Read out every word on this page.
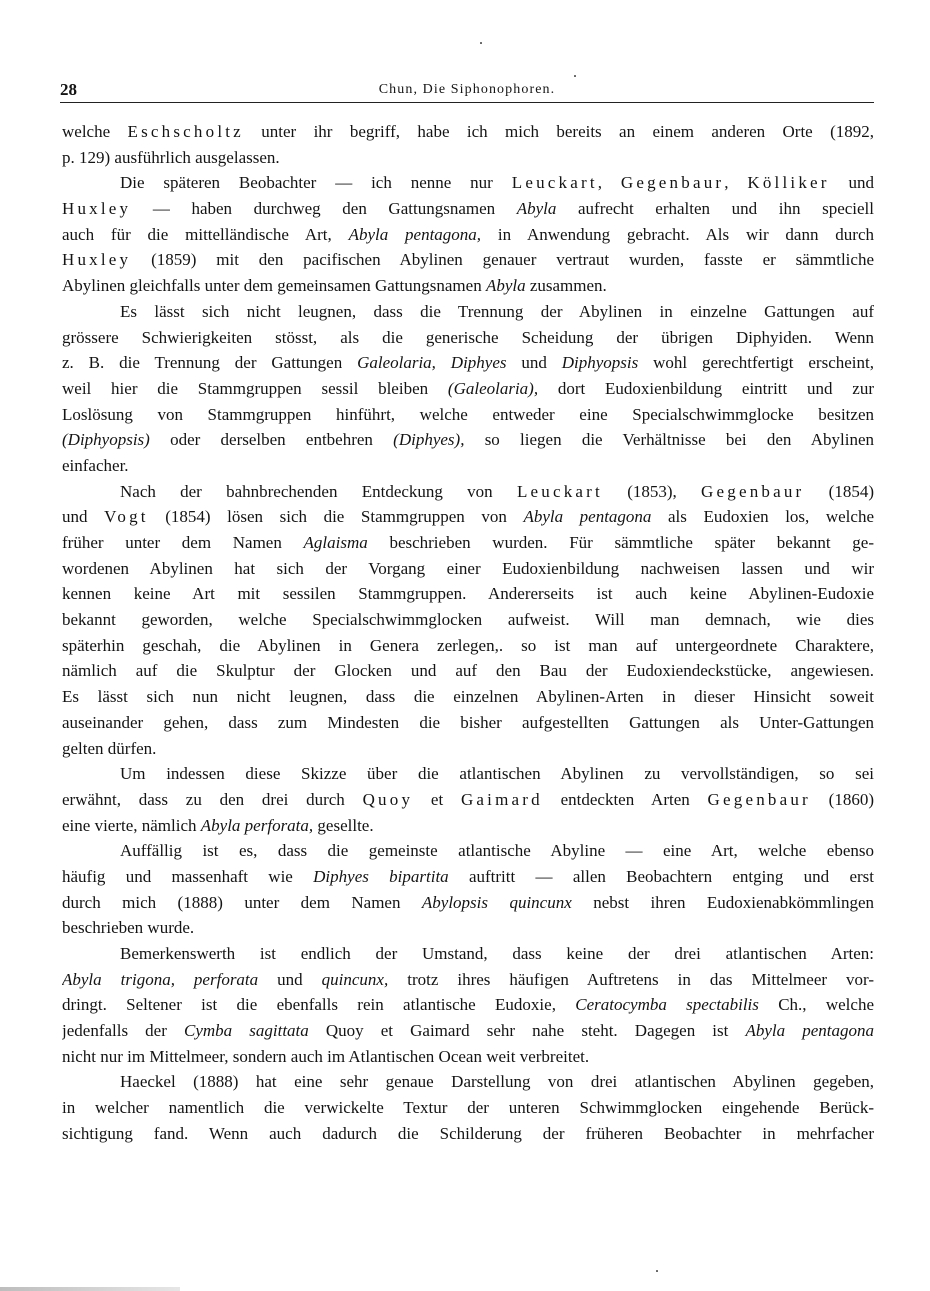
28	Chun, Die Siphonophoren.
welche Eschscholtz unter ihr begriff, habe ich mich bereits an einem anderen Orte (1892,
p. 129) ausführlich ausgelassen.
Die späteren Beobachter — ich nenne nur Leuckart, Gegenbaur, Kölliker und
Huxley — haben durchweg den Gattungsnamen Abyla aufrecht erhalten und ihn speciell
auch für die mittelländische Art, Abyla pentagona, in Anwendung gebracht. Als wir dann durch
Huxley (1859) mit den pacifischen Abylinen genauer vertraut wurden, fasste er sämmtliche
Abylinen gleichfalls unter dem gemeinsamen Gattungsnamen Abyla zusammen.
Es lässt sich nicht leugnen, dass die Trennung der Abylinen in einzelne Gattungen auf
grössere Schwierigkeiten stösst, als die generische Scheidung der übrigen Diphyiden. Wenn
z. B. die Trennung der Gattungen Galeolaria, Diphyes und Diphyopsis wohl gerechtfertigt erscheint,
weil hier die Stammgruppen sessil bleiben (Galeolaria), dort Eudoxienbildung eintritt und zur
Loslösung von Stammgruppen hinführt, welche entweder eine Specialschwimmglocke besitzen
(Diphyopsis) oder derselben entbehren (Diphyes), so liegen die Verhältnisse bei den Abylinen
einfacher.
Nach der bahnbrechenden Entdeckung von Leuckart (1853), Gegenbaur (1854)
und Vogt (1854) lösen sich die Stammgruppen von Abyla pentagona als Eudoxien los, welche
früher unter dem Namen Aglaisma beschrieben wurden. Für sämmtliche später bekannt ge-
wordenen Abylinen hat sich der Vorgang einer Eudoxienbildung nachweisen lassen und wir
kennen keine Art mit sessilen Stammgruppen. Andererseits ist auch keine Abylinen-Eudoxie
bekannt geworden, welche Specialschwimmglocken aufweist. Will man demnach, wie dies
späterhin geschah, die Abylinen in Genera zerlegen,. so ist man auf untergeordnete Charaktere,
nämlich auf die Skulptur der Glocken und auf den Bau der Eudoxiendeckstücke, angewiesen.
Es lässt sich nun nicht leugnen, dass die einzelnen Abylinen-Arten in dieser Hinsicht soweit
auseinander gehen, dass zum Mindesten die bisher aufgestellten Gattungen als Unter-Gattungen
gelten dürfen.
Um indessen diese Skizze über die atlantischen Abylinen zu vervollständigen, so sei
erwähnt, dass zu den drei durch Quoy et Gaimard entdeckten Arten Gegenbaur (1860)
eine vierte, nämlich Abyla perforata, gesellte.
Auffällig ist es, dass die gemeinste atlantische Abyline — eine Art, welche ebenso
häufig und massenhaft wie Diphyes bipartita auftritt — allen Beobachtern entging und erst
durch mich (1888) unter dem Namen Abylopsis quincunx nebst ihren Eudoxienabkömmlingen
beschrieben wurde.
Bemerkenswerth ist endlich der Umstand, dass keine der drei atlantischen Arten:
Abyla trigona, perforata und quincunx, trotz ihres häufigen Auftretens in das Mittelmeer vor-
dringt. Seltener ist die ebenfalls rein atlantische Eudoxie, Ceratocymba spectabilis Ch., welche
jedenfalls der Cymba sagittata Quoy et Gaimard sehr nahe steht. Dagegen ist Abyla pentagona
nicht nur im Mittelmeer, sondern auch im Atlantischen Ocean weit verbreitet.
Haeckel (1888) hat eine sehr genaue Darstellung von drei atlantischen Abylinen gegeben,
in welcher namentlich die verwickelte Textur der unteren Schwimmglocken eingehende Berück-
sichtigung fand. Wenn auch dadurch die Schilderung der früheren Beobachter in mehrfacher
